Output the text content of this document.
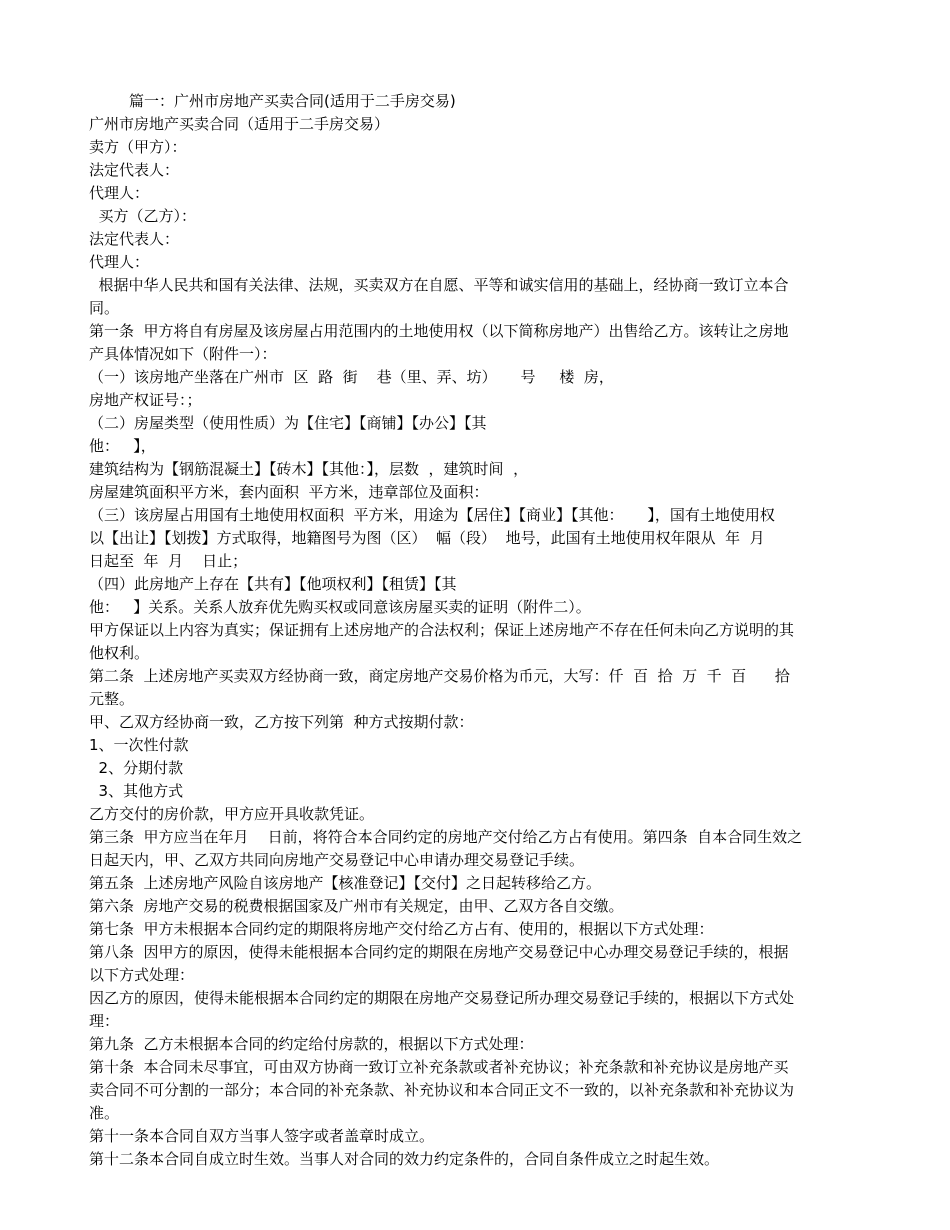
篇一：广州市房地产买卖合同(适用于二手房交易)
广州市房地产买卖合同（适用于二手房交易）
卖方（甲方）：
法定代表人：
代理人：
买方（乙方）：
法定代表人：
代理人：
根据中华人民共和国有关法律、法规，买卖双方在自愿、平等和诚实信用的基础上，经协商一致订立本合
同。
第一条  甲方将自有房屋及该房屋占用范围内的土地使用权（以下简称房地产）出售给乙方。该转让之房地
产具体情况如下（附件一）：
（一）该房地产坐落在广州市  区  路  街    巷（里、弄、坊）     号     楼  房，
房地产权证号：；
（二）房屋类型（使用性质）为【住宅】【商铺】【办公】【其
他：   】，
建筑结构为【钢筋混凝土】【砖木】【其他：】，层数  ，建筑时间  ，
房屋建筑面积平方米，套内面积  平方米，违章部位及面积：
（三）该房屋占用国有土地使用权面积  平方米，用途为【居住】【商业】【其他：     】，国有土地使用权
以【出让】【划拨】方式取得，地籍图号为图（区）  幅（段）  地号，此国有土地使用权年限从  年  月
日起至  年  月    日止；
（四）此房地产上存在【共有】【他项权利】【租赁】【其
他：   】关系。关系人放弃优先购买权或同意该房屋买卖的证明（附件二）。
甲方保证以上内容为真实；保证拥有上述房地产的合法权利；保证上述房地产不存在任何未向乙方说明的其
他权利。
第二条  上述房地产买卖双方经协商一致，商定房地产交易价格为币元，大写：仟  百  拾  万  千  百      拾
元整。
甲、乙双方经协商一致，乙方按下列第  种方式按期付款：
1、一次性付款
2、分期付款
3、其他方式
乙方交付的房价款，甲方应开具收款凭证。
第三条  甲方应当在年月    日前，将符合本合同约定的房地产交付给乙方占有使用。第四条  自本合同生效之
日起天内，甲、乙双方共同向房地产交易登记中心申请办理交易登记手续。
第五条  上述房地产风险自该房地产【核准登记】【交付】之日起转移给乙方。
第六条  房地产交易的税费根据国家及广州市有关规定，由甲、乙双方各自交缴。
第七条  甲方未根据本合同约定的期限将房地产交付给乙方占有、使用的，根据以下方式处理：
第八条  因甲方的原因，使得未能根据本合同约定的期限在房地产交易登记中心办理交易登记手续的，根据
以下方式处理：
因乙方的原因，使得未能根据本合同约定的期限在房地产交易登记所办理交易登记手续的，根据以下方式处
理：
第九条  乙方未根据本合同的约定给付房款的，根据以下方式处理：
第十条  本合同未尽事宜，可由双方协商一致订立补充条款或者补充协议；补充条款和补充协议是房地产买
卖合同不可分割的一部分；本合同的补充条款、补充协议和本合同正文不一致的，以补充条款和补充协议为
准。
第十一条本合同自双方当事人签字或者盖章时成立。
第十二条本合同自成立时生效。当事人对合同的效力约定条件的，合同自条件成立之时起生效。
